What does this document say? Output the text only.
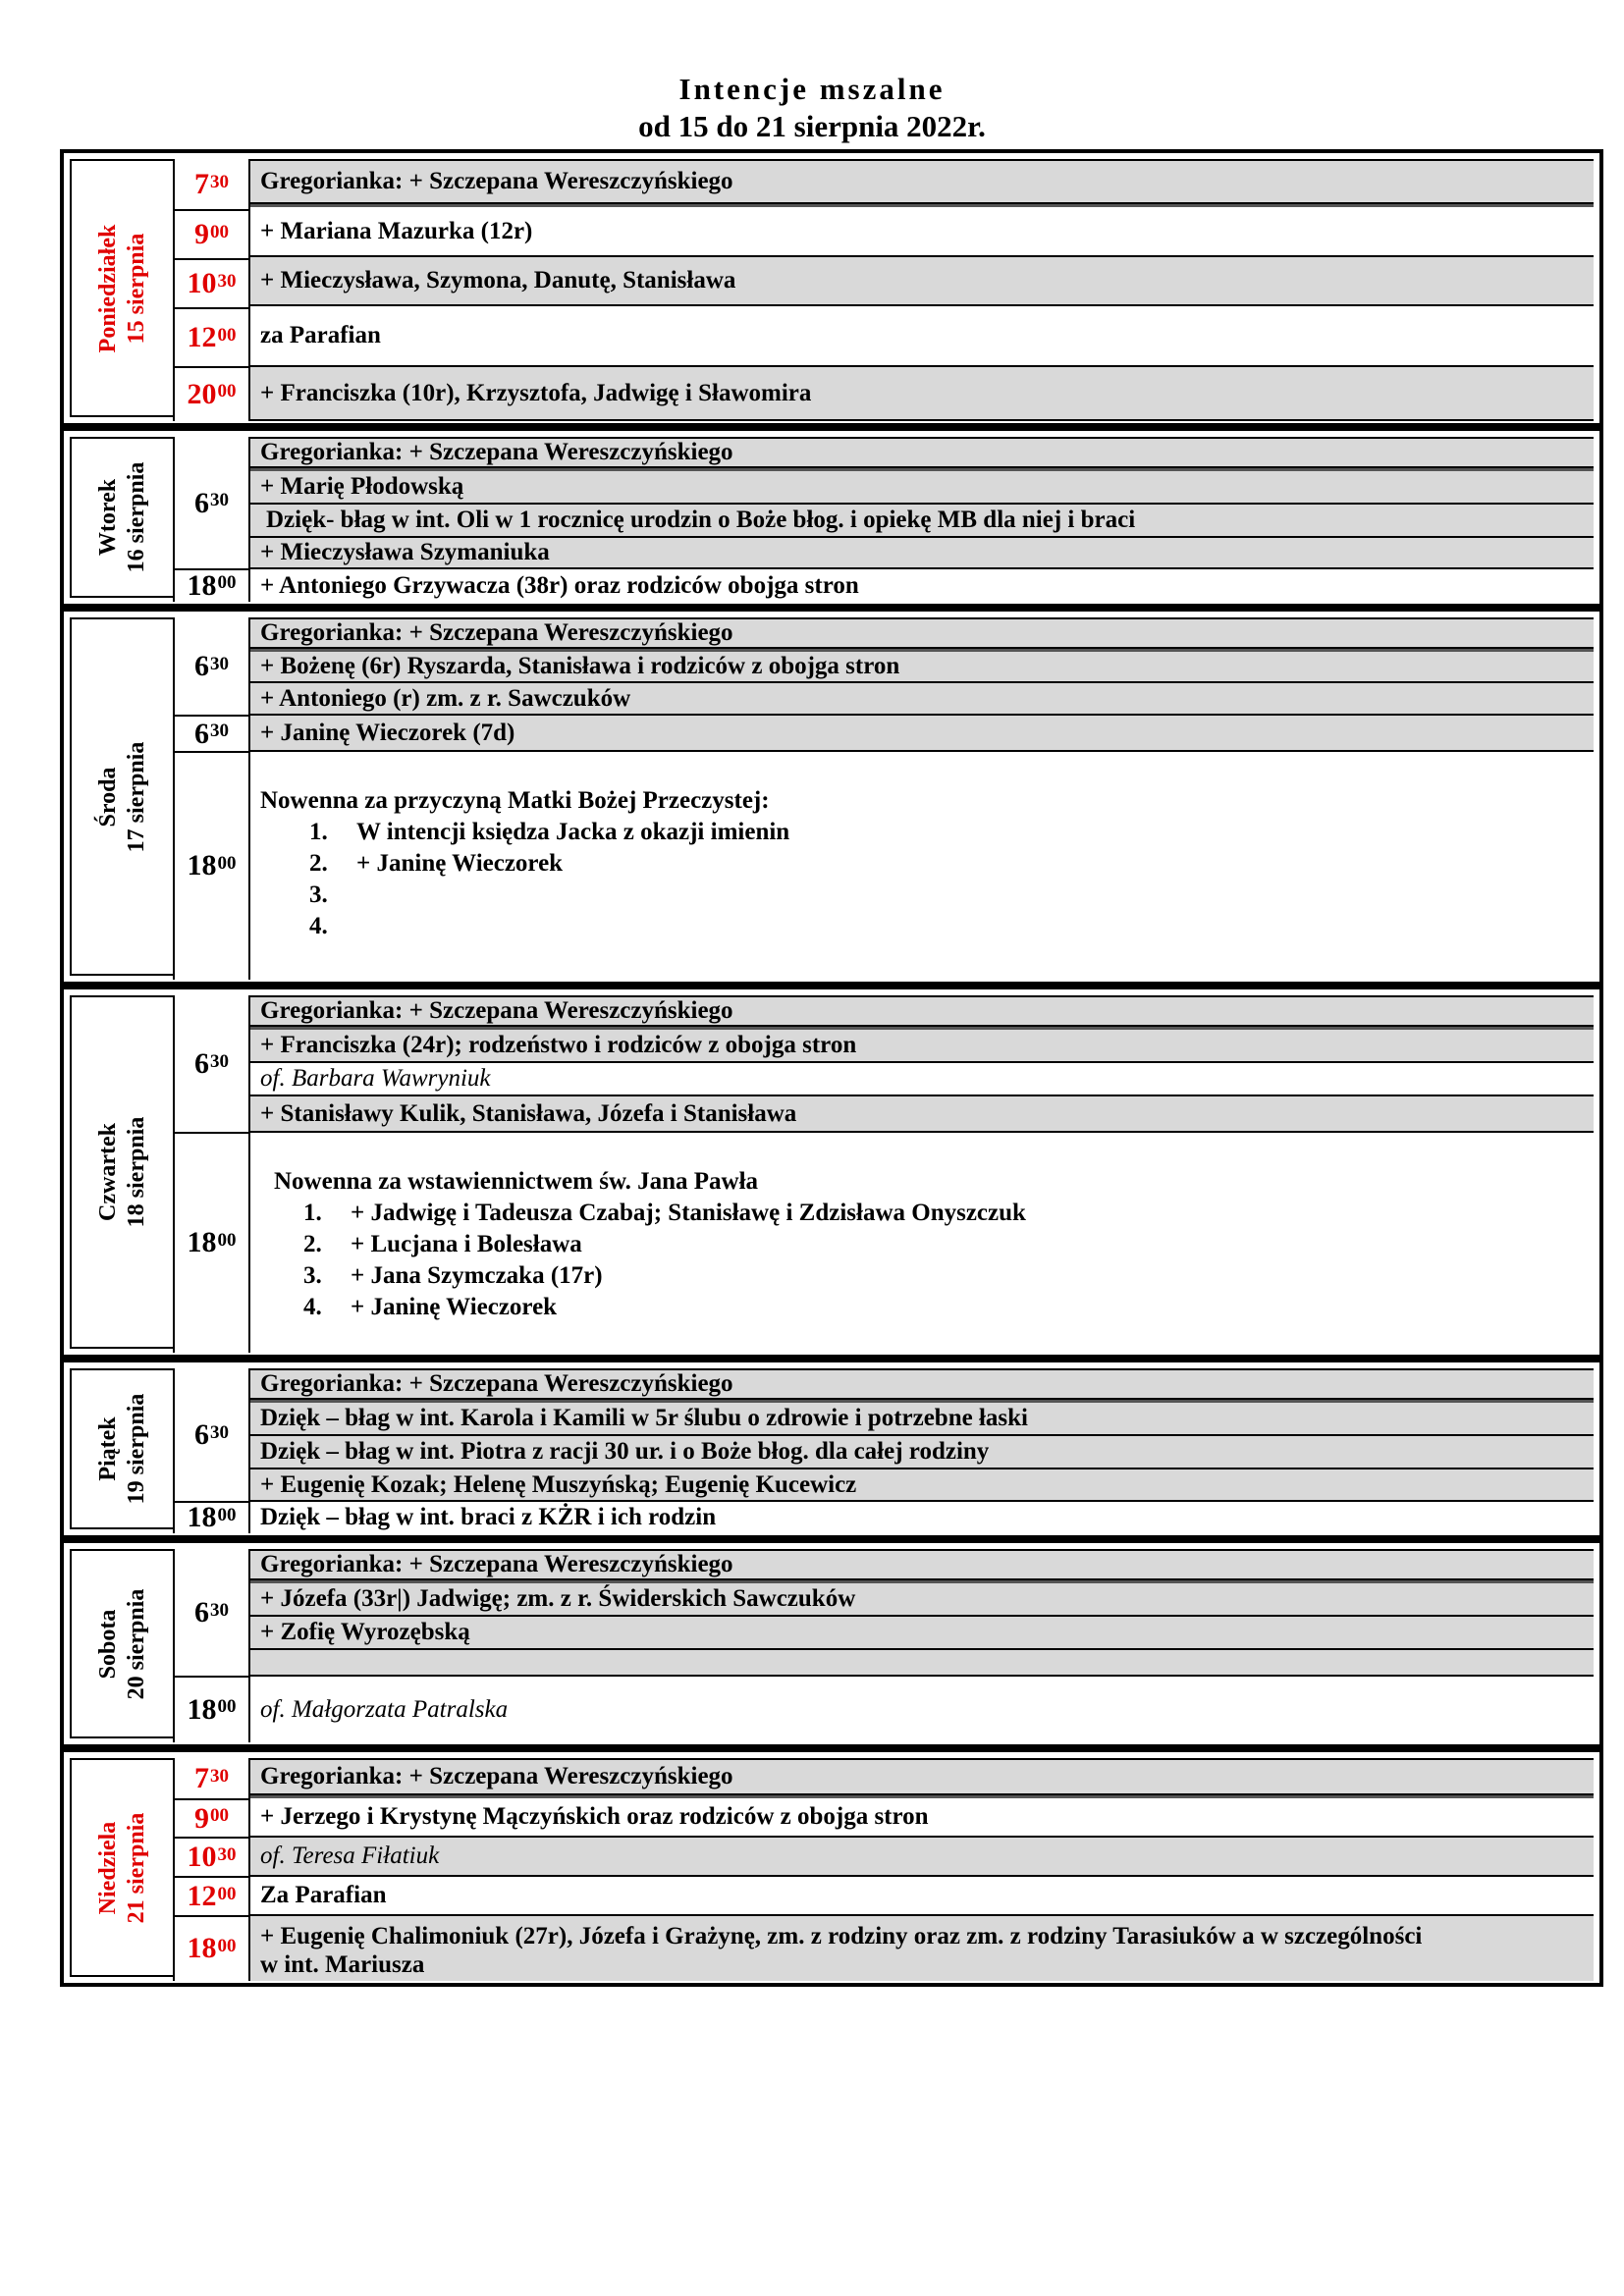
Intencje mszalne
od 15 do 21 sierpnia 2022r.
Poniedziałek 15 sierpnia
$7^{30}$
$9^{00}$
$10^{30}$
$12^{00}$
$20^{00}$
Gregorianka: + Szczepana Wereszczyńskiego
+ Mariana Mazurka (12r)
+ Mieczysława, Szymona, Danutę, Stanisława
za Parafian
+ Franciszka (10r), Krzysztofa, Jadwigę i Sławomira
Wtorek 16 sierpnia $6^{30}$
$18^{00}$
Gregorianka: + Szczepana Wereszczyńskiego
+ Marię Płodowską
Dzięk- błag w int. Oli w 1 rocznicę urodzin o Boże błog. i opiekę MB dla niej i braci
+ Mieczysława Szymaniuka
+ Antoniego Grzywacza (38r) oraz rodziców obojga stron
Środa 17 sierpnia
$6^{30}$
$6^{30}$
$18^{00}$
Gregorianka: + Szczepana Wereszczyńskiego
+ Bożenę (6r) Ryszarda, Stanisława i rodziców z obojga stron
+ Antoniego (r) zm. z r. Sawczuków
+ Janinę Wieczorek (7d)
Nowenna za przyczyną Matki Bożej Przeczystej:
1. W intencji księdza Jacka z okazji imienin
2. + Janinę Wieczorek
3.
4.
Czwartek 18 sierpnia
$6^{30}$
$18^{00}$
Gregorianka: + Szczepana Wereszczyńskiego
+ Franciszka (24r); rodzeństwo i rodziców z obojga stron
of. Barbara Wawryniuk
+ Stanisławy Kulik, Stanisława, Józefa i Stanisława
Nowenna za wstawiennictwem św. Jana Pawła
1. + Jadwigę i Tadeusza Czabaj; Stanisławę i Zdzisława Onyszczuk
2. + Lucjana i Bolesława
3. + Jana Szymczaka (17r)
4. + Janinę Wieczorek
Piątek 19 sierpnia $6^{30}$
$18^{00}$
Gregorianka: + Szczepana Wereszczyńskiego
Dzięk – błag w int. Karola i Kamili w 5r ślubu o zdrowie i potrzebne łaski
Dzięk – błag w int. Piotra z racji 30 ur. i o Boże błog. dla całej rodziny
+ Eugenię Kozak; Helenę Muszyńską; Eugenię Kucewicz
Dzięk – błag w int. braci z KŻR i ich rodzin
Sobota 20 sierpnia $6^{30}$
$18^{00}$
Gregorianka: + Szczepana Wereszczyńskiego
+ Józefa (33r|) Jadwigę; zm. z r. Świderskich Sawczuków
+ Zofię Wyrozębską
of. Małgorzata Patralska
Niedziela 21 sierpnia
$7^{30}$
$9^{00}$
$10^{30}$
$12^{00}$
$18^{00}$
Gregorianka: + Szczepana Wereszczyńskiego
+ Jerzego i Krystynę Mączyńskich oraz rodziców z obojga stron
of. Teresa Fiłatiuk
Za Parafian
+ Eugenię Chalimoniuk (27r), Józefa i Grażynę, zm. z rodziny oraz zm. z rodziny Tarasiuków a w szczególności
w int. Mariusza
